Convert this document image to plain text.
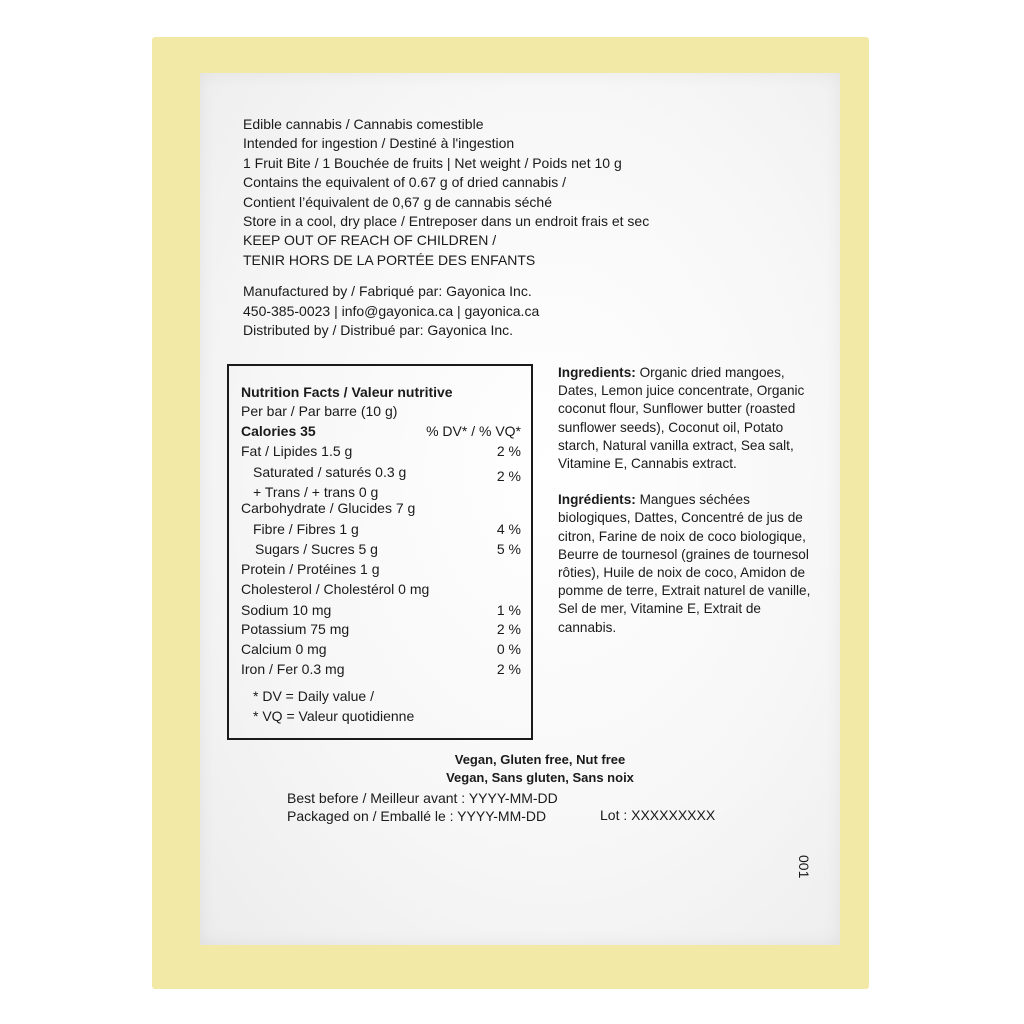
Edible cannabis / Cannabis comestible
Intended for ingestion / Destiné à l'ingestion
1 Fruit Bite / 1 Bouchée de fruits | Net weight / Poids net 10 g
Contains the equivalent of 0.67 g of dried cannabis /
Contient l’équivalent de 0,67 g de cannabis séché
Store in a cool, dry place / Entreposer dans un endroit frais et sec
KEEP OUT OF REACH OF CHILDREN /
TENIR HORS DE LA PORTÉE DES ENFANTS
Manufactured by / Fabriqué par: Gayonica Inc.
450-385-0023 | info@gayonica.ca | gayonica.ca
Distributed by / Distribué par: Gayonica Inc.
Nutrition Facts / Valeur nutritive
Per bar / Par barre (10 g)
Calories 35	% DV* / % VQ*
Fat / Lipides 1.5 g	2 %
Saturated / saturés 0.3 g	2 %
+ Trans / + trans 0 g
Carbohydrate / Glucides 7 g
Fibre / Fibres 1 g	4 %
Sugars / Sucres 5 g	5 %
Protein / Protéines 1 g
Cholesterol / Cholestérol 0 mg
Sodium 10 mg	1 %
Potassium 75 mg	2 %
Calcium 0 mg	0 %
Iron / Fer 0.3 mg	2 %
* DV = Daily value /
* VQ = Valeur quotidienne

Ingredients: Organic dried mangoes, Dates, Lemon juice concentrate, Organic coconut flour, Sunflower butter (roasted sunflower seeds), Coconut oil, Potato starch, Natural vanilla extract, Sea salt, Vitamine E, Cannabis extract.

Ingrédients: Mangues séchées biologiques, Dattes, Concentré de jus de citron, Farine de noix de coco biologique, Beurre de tournesol (graines de tournesol rôties), Huile de noix de coco, Amidon de pomme de terre, Extrait naturel de vanille, Sel de mer, Vitamine E, Extrait de cannabis.

Vegan, Gluten free, Nut free
Vegan, Sans gluten, Sans noix
Best before / Meilleur avant : YYYY-MM-DD
Packaged on / Emballé le : YYYY-MM-DD	Lot : XXXXXXXXX
001
